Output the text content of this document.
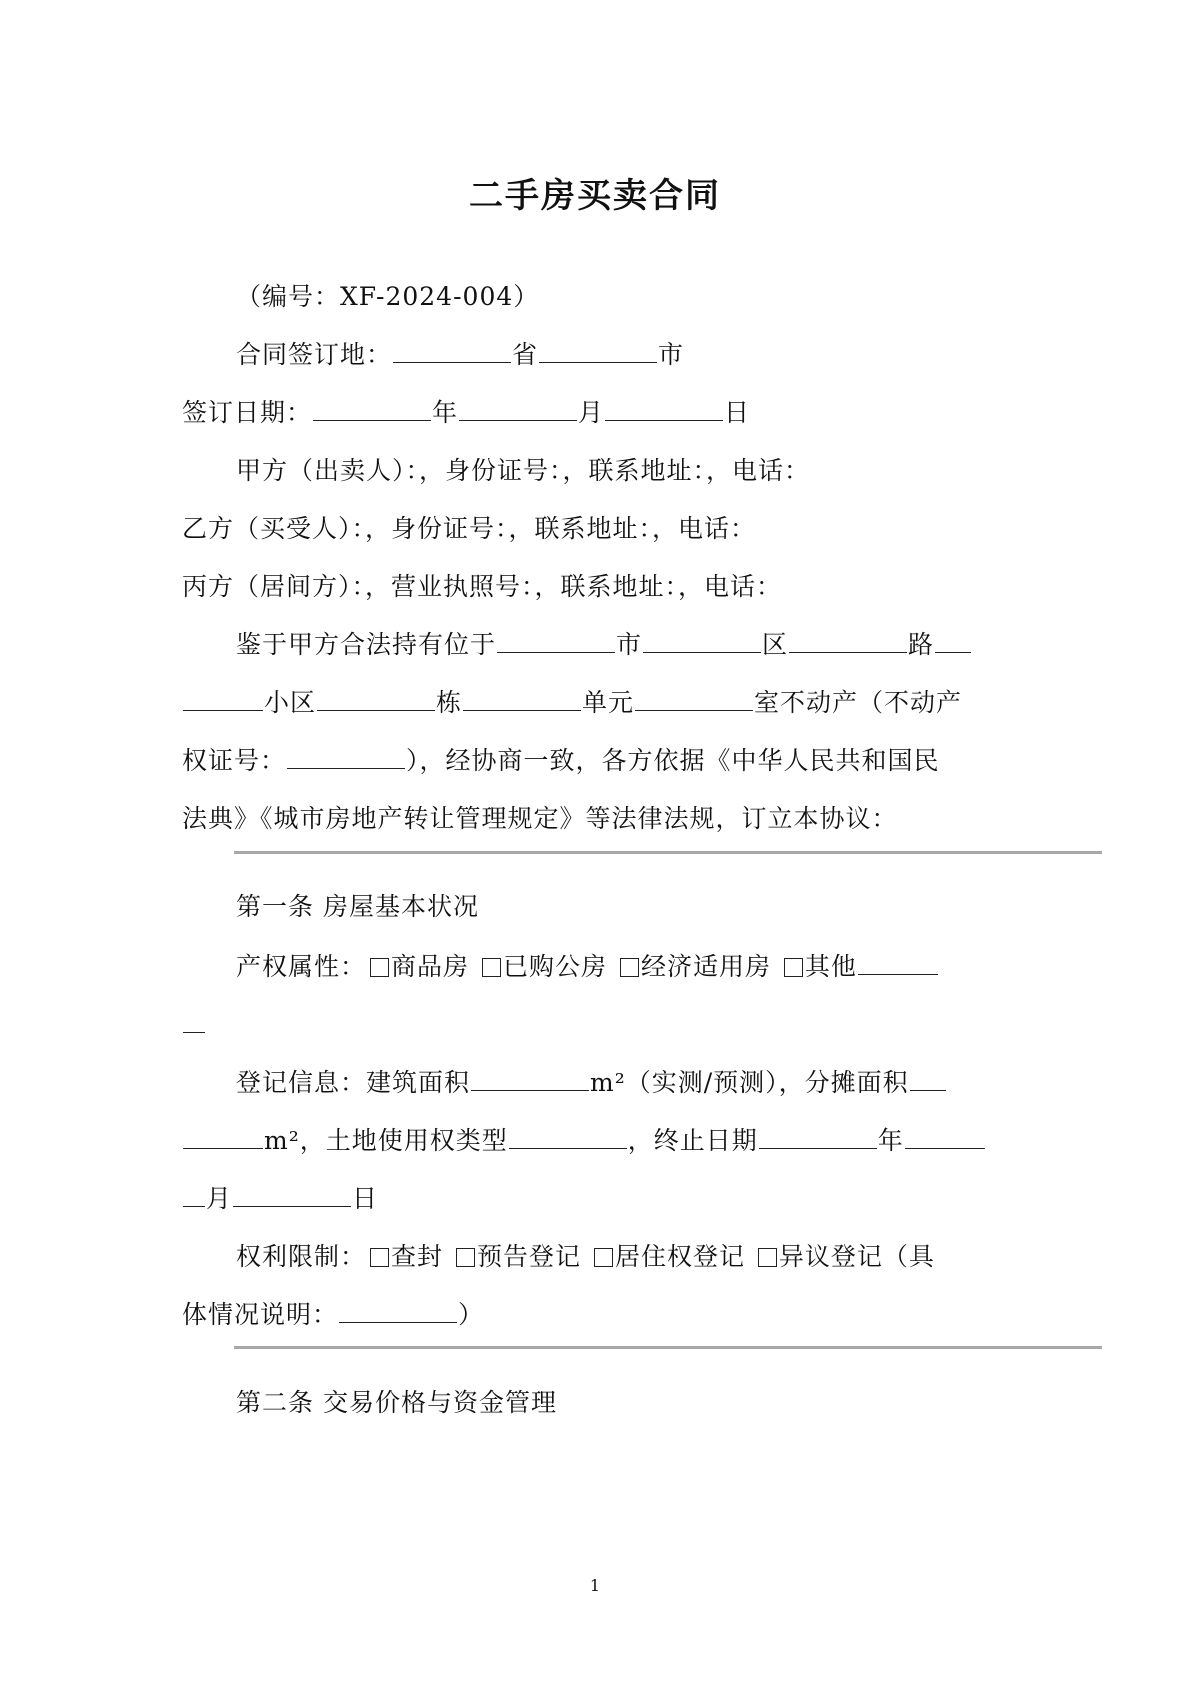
二手房买卖合同
（编号：XF-2024-004）
合同签订地：	省	市
签订日期：	年	月	日
甲方（出卖人）：，身份证号：，联系地址：，电话：
乙方（买受人）：，身份证号：，联系地址：，电话：
丙方（居间方）：，营业执照号：，联系地址：，电话：
鉴于甲方合法持有位于	市	区	路
小区	栋	单元	室不动产（不动产
权证号：	），经协商一致，各方依据《中华人民共和国民
法典》《城市房地产转让管理规定》等法律法规，订立本协议：
第一条 房屋基本状况
产权属性： 商品房 已购公房 经济适用房 其他
登记信息：建筑面积	m²（实测/预测），分摊面积
m²，土地使用权类型	，终止日期	年
月	日
权利限制： 查封 预告登记 居住权登记 异议登记（具
体情况说明：	）
第二条 交易价格与资金管理
1
